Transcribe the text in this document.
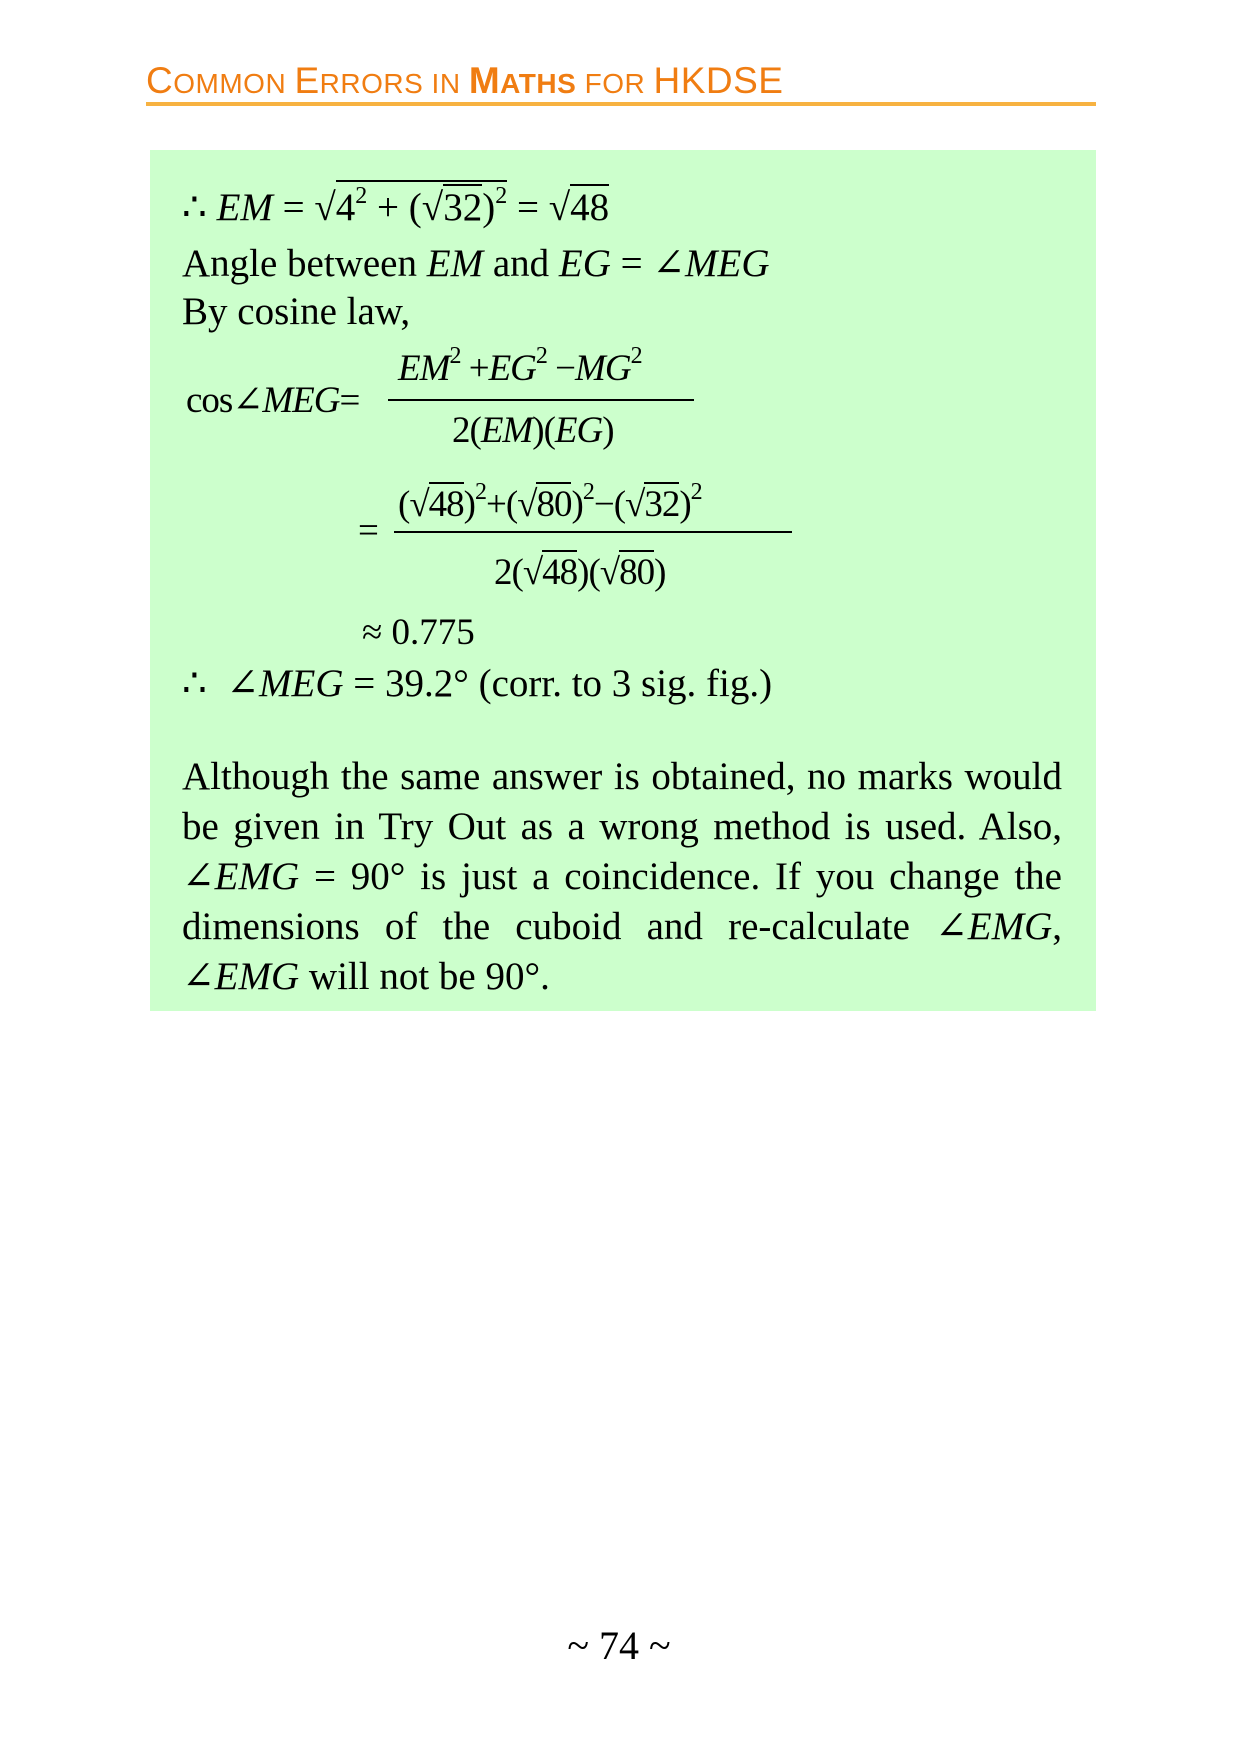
COMMON ERRORS IN MATHS FOR HKDSE
∴ EM = $√4^2 + (√32)^2 = √48$
Angle between EM and EG = ∠MEG
By cosine law,
cos∠MEG=
$EM^2 +EG^2 -MG^2$
2(EM)(EG)
=
$(√48)^2+(√80)^2-(√32)^2$
2(√48)(√80)
≈ 0.775
∴ ∠MEG = 39.2° (corr. to 3 sig. fig.)
Although the same answer is obtained, no marks would be given in Try Out as a wrong method is used. Also, ∠EMG = 90° is just a coincidence. If you change the dimensions of the cuboid and re-calculate ∠EMG, ∠EMG will not be 90°.
~ 74 ~
